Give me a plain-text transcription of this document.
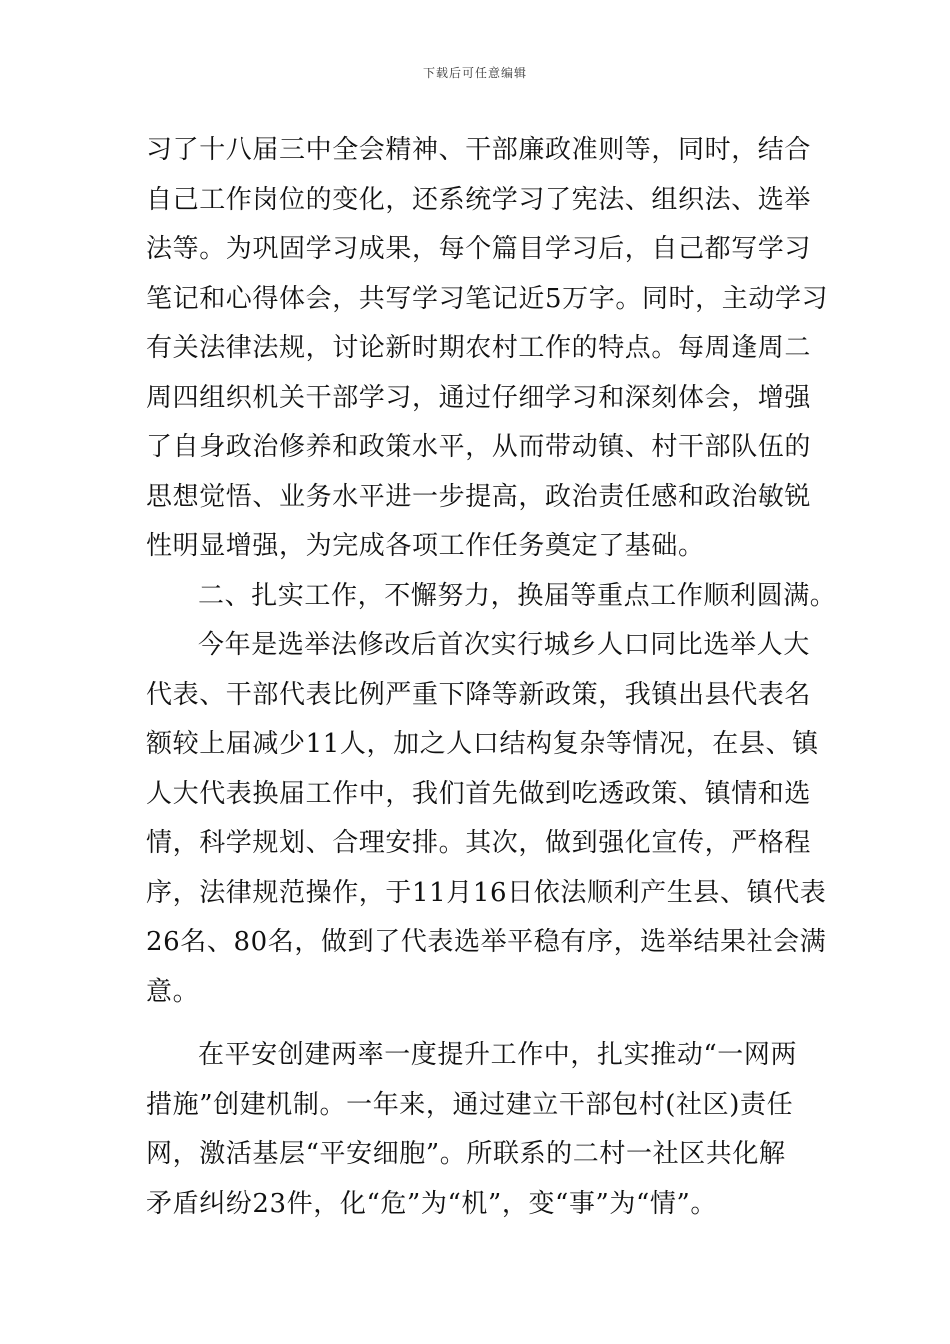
下载后可任意编辑
习了十八届三中全会精神、干部廉政准则等，同时，结合
自己工作岗位的变化，还系统学习了宪法、组织法、选举
法等。为巩固学习成果，每个篇目学习后，自己都写学习
笔记和心得体会，共写学习笔记近5万字。同时，主动学习
有关法律法规，讨论新时期农村工作的特点。每周逢周二
周四组织机关干部学习，通过仔细学习和深刻体会，增强
了自身政治修养和政策水平，从而带动镇、村干部队伍的
思想觉悟、业务水平进一步提高，政治责任感和政治敏锐
性明显增强，为完成各项工作任务奠定了基础。
二、扎实工作，不懈努力，换届等重点工作顺利圆满。
今年是选举法修改后首次实行城乡人口同比选举人大
代表、干部代表比例严重下降等新政策，我镇出县代表名
额较上届减少11人，加之人口结构复杂等情况，在县、镇
人大代表换届工作中，我们首先做到吃透政策、镇情和选
情，科学规划、合理安排。其次，做到强化宣传，严格程
序，法律规范操作，于11月16日依法顺利产生县、镇代表
26名、80名，做到了代表选举平稳有序，选举结果社会满
意。
在平安创建两率一度提升工作中，扎实推动“一网两
措施”创建机制。一年来，通过建立干部包村(社区)责任
网，激活基层“平安细胞”。所联系的二村一社区共化解
矛盾纠纷23件，化“危”为“机”，变“事”为“情”。
